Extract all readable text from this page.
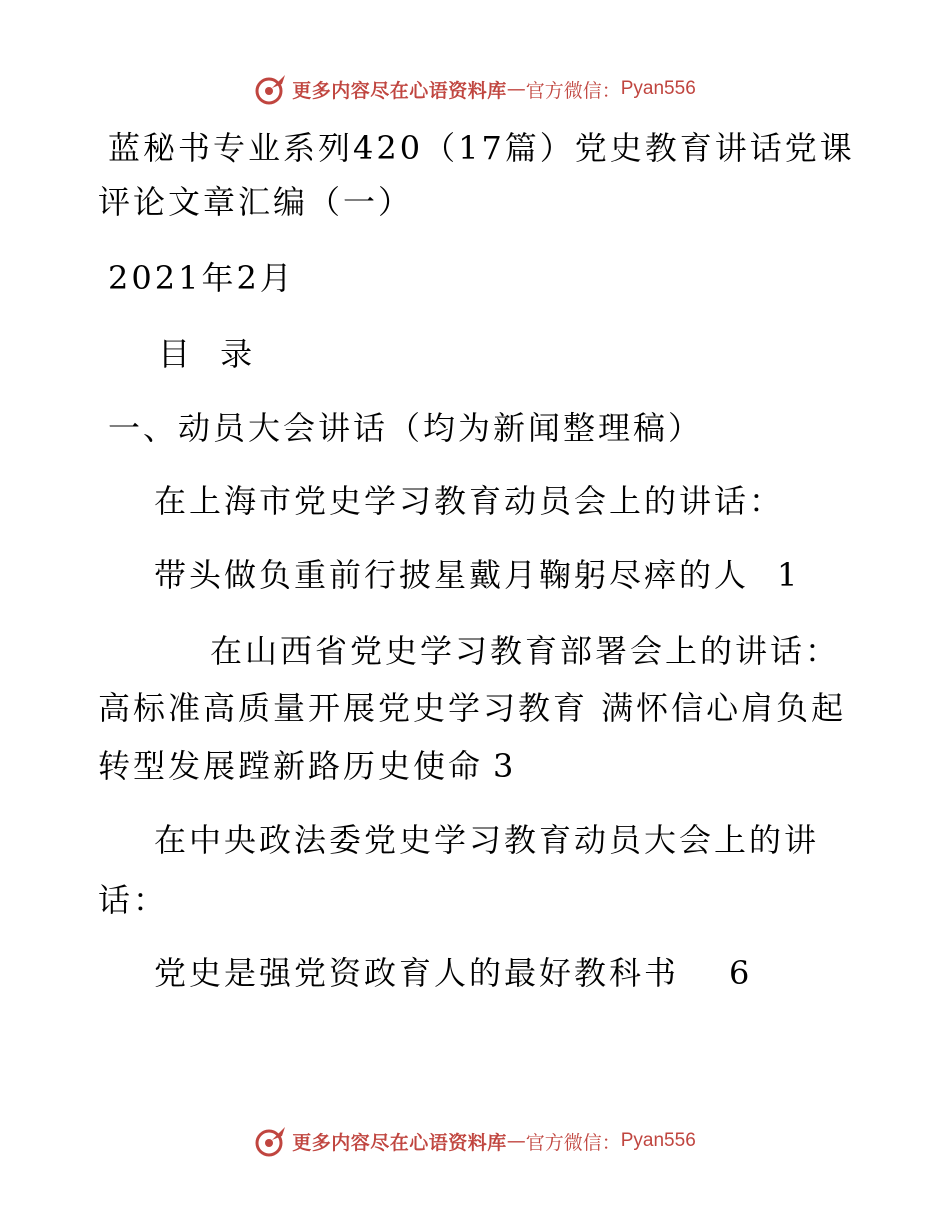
更多内容尽在心语资料库 — 官方微信： Pyan556
蓝秘书专业系列420（17篇）党史教育讲话党课
评论文章汇编（一）
2021年2月
目 录
一、动员大会讲话（均为新闻整理稿）
在上海市党史学习教育动员会上的讲话：
带头做负重前行披星戴月鞠躬尽瘁的人 1
在山西省党史学习教育部署会上的讲话：
高标准高质量开展党史学习教育 满怀信心肩负起
转型发展蹚新路历史使命 3
在中央政法委党史学习教育动员大会上的讲
话：
党史是强党资政育人的最好教科书 6
更多内容尽在心语资料库 — 官方微信： Pyan556
